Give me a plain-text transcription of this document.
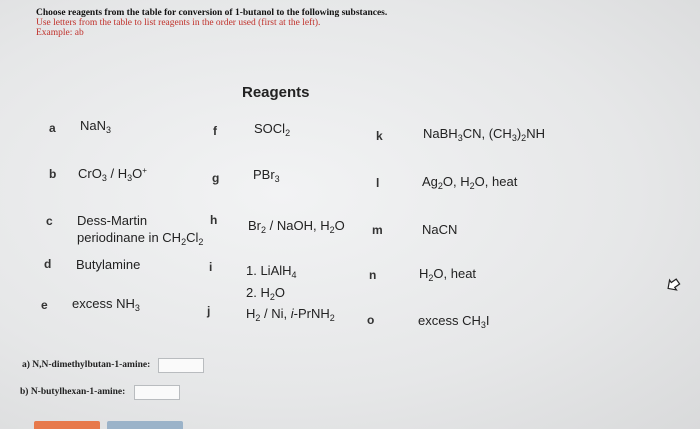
Choose reagents from the table for conversion of 1-butanol to the following substances.
Use letters from the table to list reagents in the order used (first at the left).
Example: ab
Reagents
a NaN$_3$
b $CrO_3 / H_3O^+$
c Dess-Martin
periodinane in $CH_2Cl_2$
d Butylamine
e excess $NH_3$
f	SOCl$_2$
g	PBr$_3$
h $Br_2$ / NaOH, $H_2O$
i	1. LiAlH$_4$
2. $H_2O$
j	$H_2$ / Ni, i-PrNH$_2$
k	NaBH$_3$CN, $(CH_3)_2NH$
l	$Ag_2O$, $H_2O$, heat
m	NaCN
n	$H_2O$, heat
o	excess $CH_3I$
a) N,N-dimethylbutan-1-amine:
b) N-butylhexan-1-amine:
